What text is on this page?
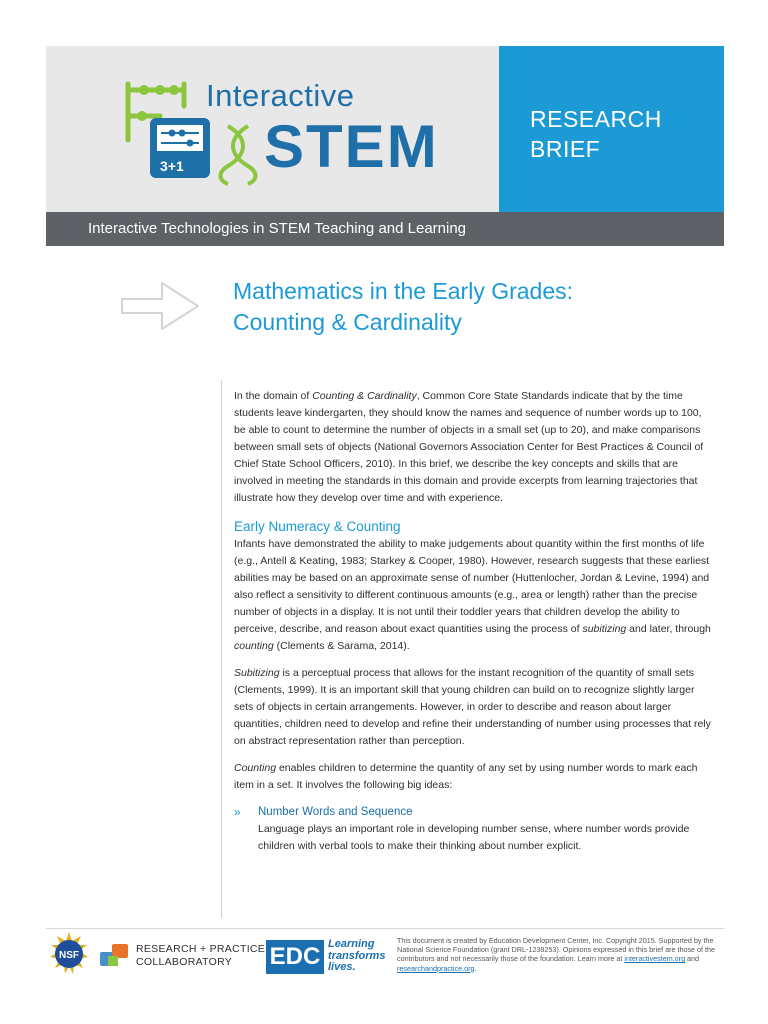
3+1
Interactive
STEM	RESEARCH
BRIEF
Interactive Technologies in STEM Teaching and Learning
Mathematics in the Early Grades:
Counting & Cardinality

In the domain of Counting & Cardinality, Common Core State Standards indicate that by the time students leave kindergarten, they should know the names and sequence of number words up to 100, be able to count to determine the number of objects in a small set (up to 20), and make comparisons between small sets of objects (National Governors Association Center for Best Practices & Council of Chief State School Officers, 2010). In this brief, we describe the key concepts and skills that are involved in meeting the standards in this domain and provide excerpts from learning trajectories that illustrate how they develop over time and with experience.

Early Numeracy & Counting

Infants have demonstrated the ability to make judgements about quantity within the first months of life (e.g., Antell & Keating, 1983; Starkey & Cooper, 1980). However, research suggests that these earliest abilities may be based on an approximate sense of number (Huttenlocher, Jordan & Levine, 1994) and also reflect a sensitivity to different continuous amounts (e.g., area or length) rather than the precise number of objects in a display. It is not until their toddler years that children develop the ability to perceive, describe, and reason about exact quantities using the process of subitizing and later, through counting (Clements & Sarama, 2014).

Subitizing is a perceptual process that allows for the instant recognition of the quantity of small sets (Clements, 1999). It is an important skill that young children can build on to recognize slightly larger sets of objects in certain arrangements. However, in order to describe and reason about larger quantities, children need to develop and refine their understanding of number using processes that rely on abstract representation rather than perception.

Counting enables children to determine the quantity of any set by using number words to mark each item in a set. It involves the following big ideas:

» Number Words and Sequence
Language plays an important role in developing number sense, where number words provide children with verbal tools to make their thinking about number explicit.
NSF
RESEARCH + PRACTICE
COLLABORATORY	EDC Learning
transforms
lives.
This document is created by Education Development Center, Inc. Copyright 2015. Supported by the National Science Foundation (grant DRL-1238253). Opinions expressed in this brief are those of the contributors and not necessarily those of the foundation. Learn more at interactivestem.org and researchandpractice.org.
